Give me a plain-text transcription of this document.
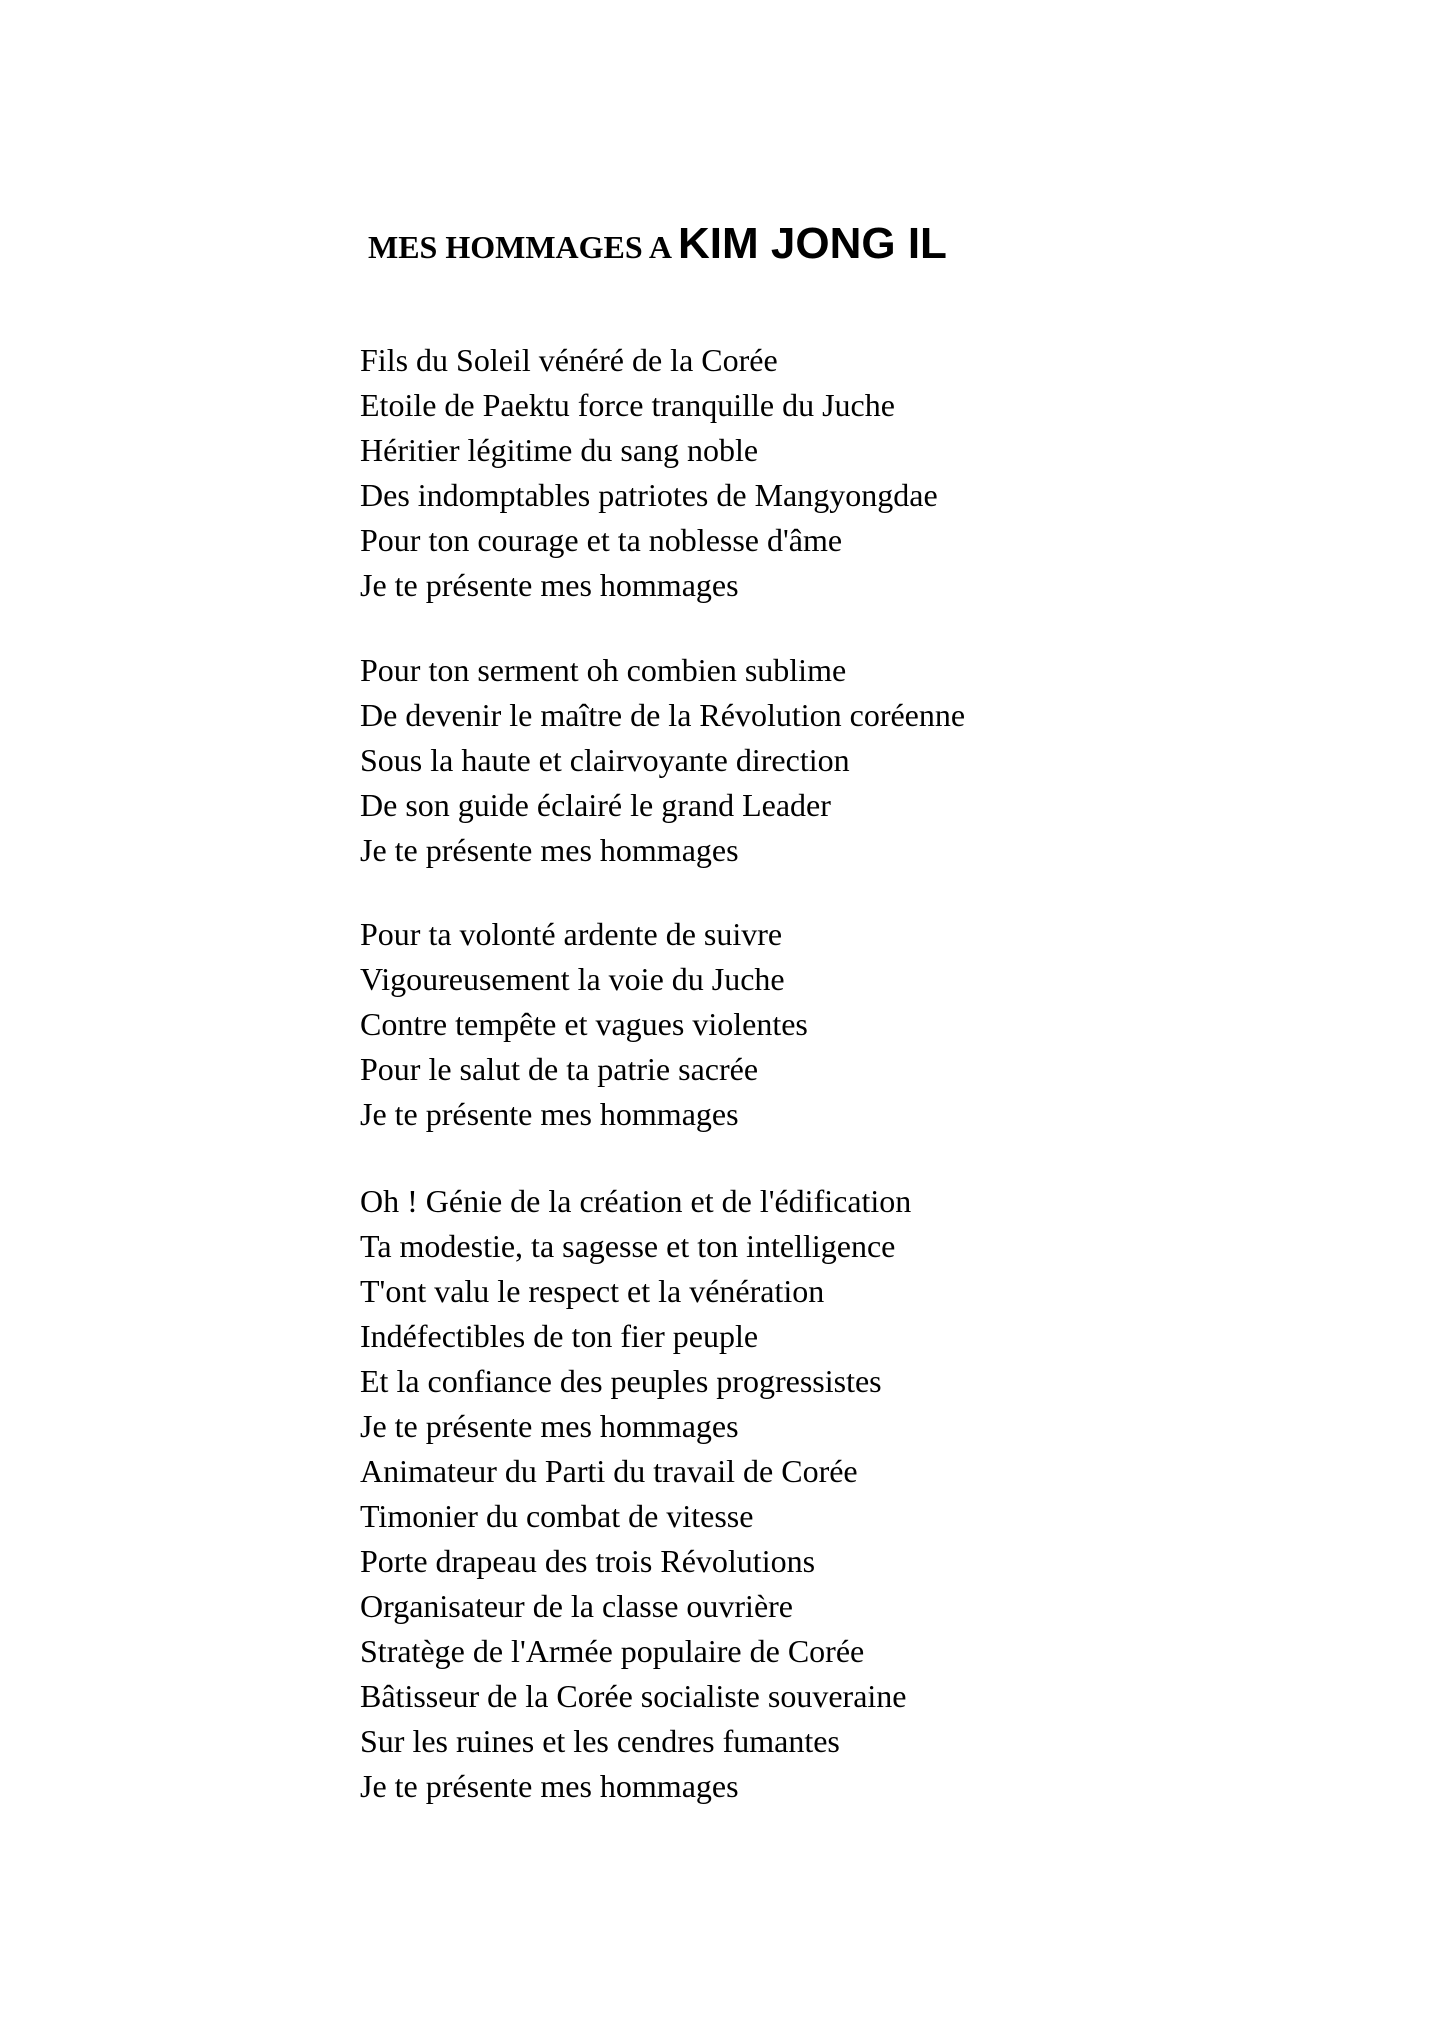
MES HOMMAGES A KIM JONG IL
Fils du Soleil vénéré de la Corée
Etoile de Paektu force tranquille du Juche
Héritier légitime du sang noble
Des indomptables patriotes de Mangyongdae
Pour ton courage et ta noblesse d'âme
Je te présente mes hommages
Pour ton serment oh combien sublime
De devenir le maître de la Révolution coréenne
Sous la haute et clairvoyante direction
De son guide éclairé le grand Leader
Je te présente mes hommages
Pour ta volonté ardente de suivre
Vigoureusement la voie du Juche
Contre tempête et vagues violentes
Pour le salut de ta patrie sacrée
Je te présente mes hommages
Oh ! Génie de la création et de l'édification
Ta modestie, ta sagesse et ton intelligence
T'ont valu le respect et la vénération
Indéfectibles de ton fier peuple
Et la confiance des peuples progressistes
Je te présente mes hommages
Animateur du Parti du travail de Corée
Timonier du combat de vitesse
Porte drapeau des trois Révolutions
Organisateur de la classe ouvrière
Stratège de l'Armée populaire de Corée
Bâtisseur de la Corée socialiste souveraine
Sur les ruines et les cendres fumantes
Je te présente mes hommages
